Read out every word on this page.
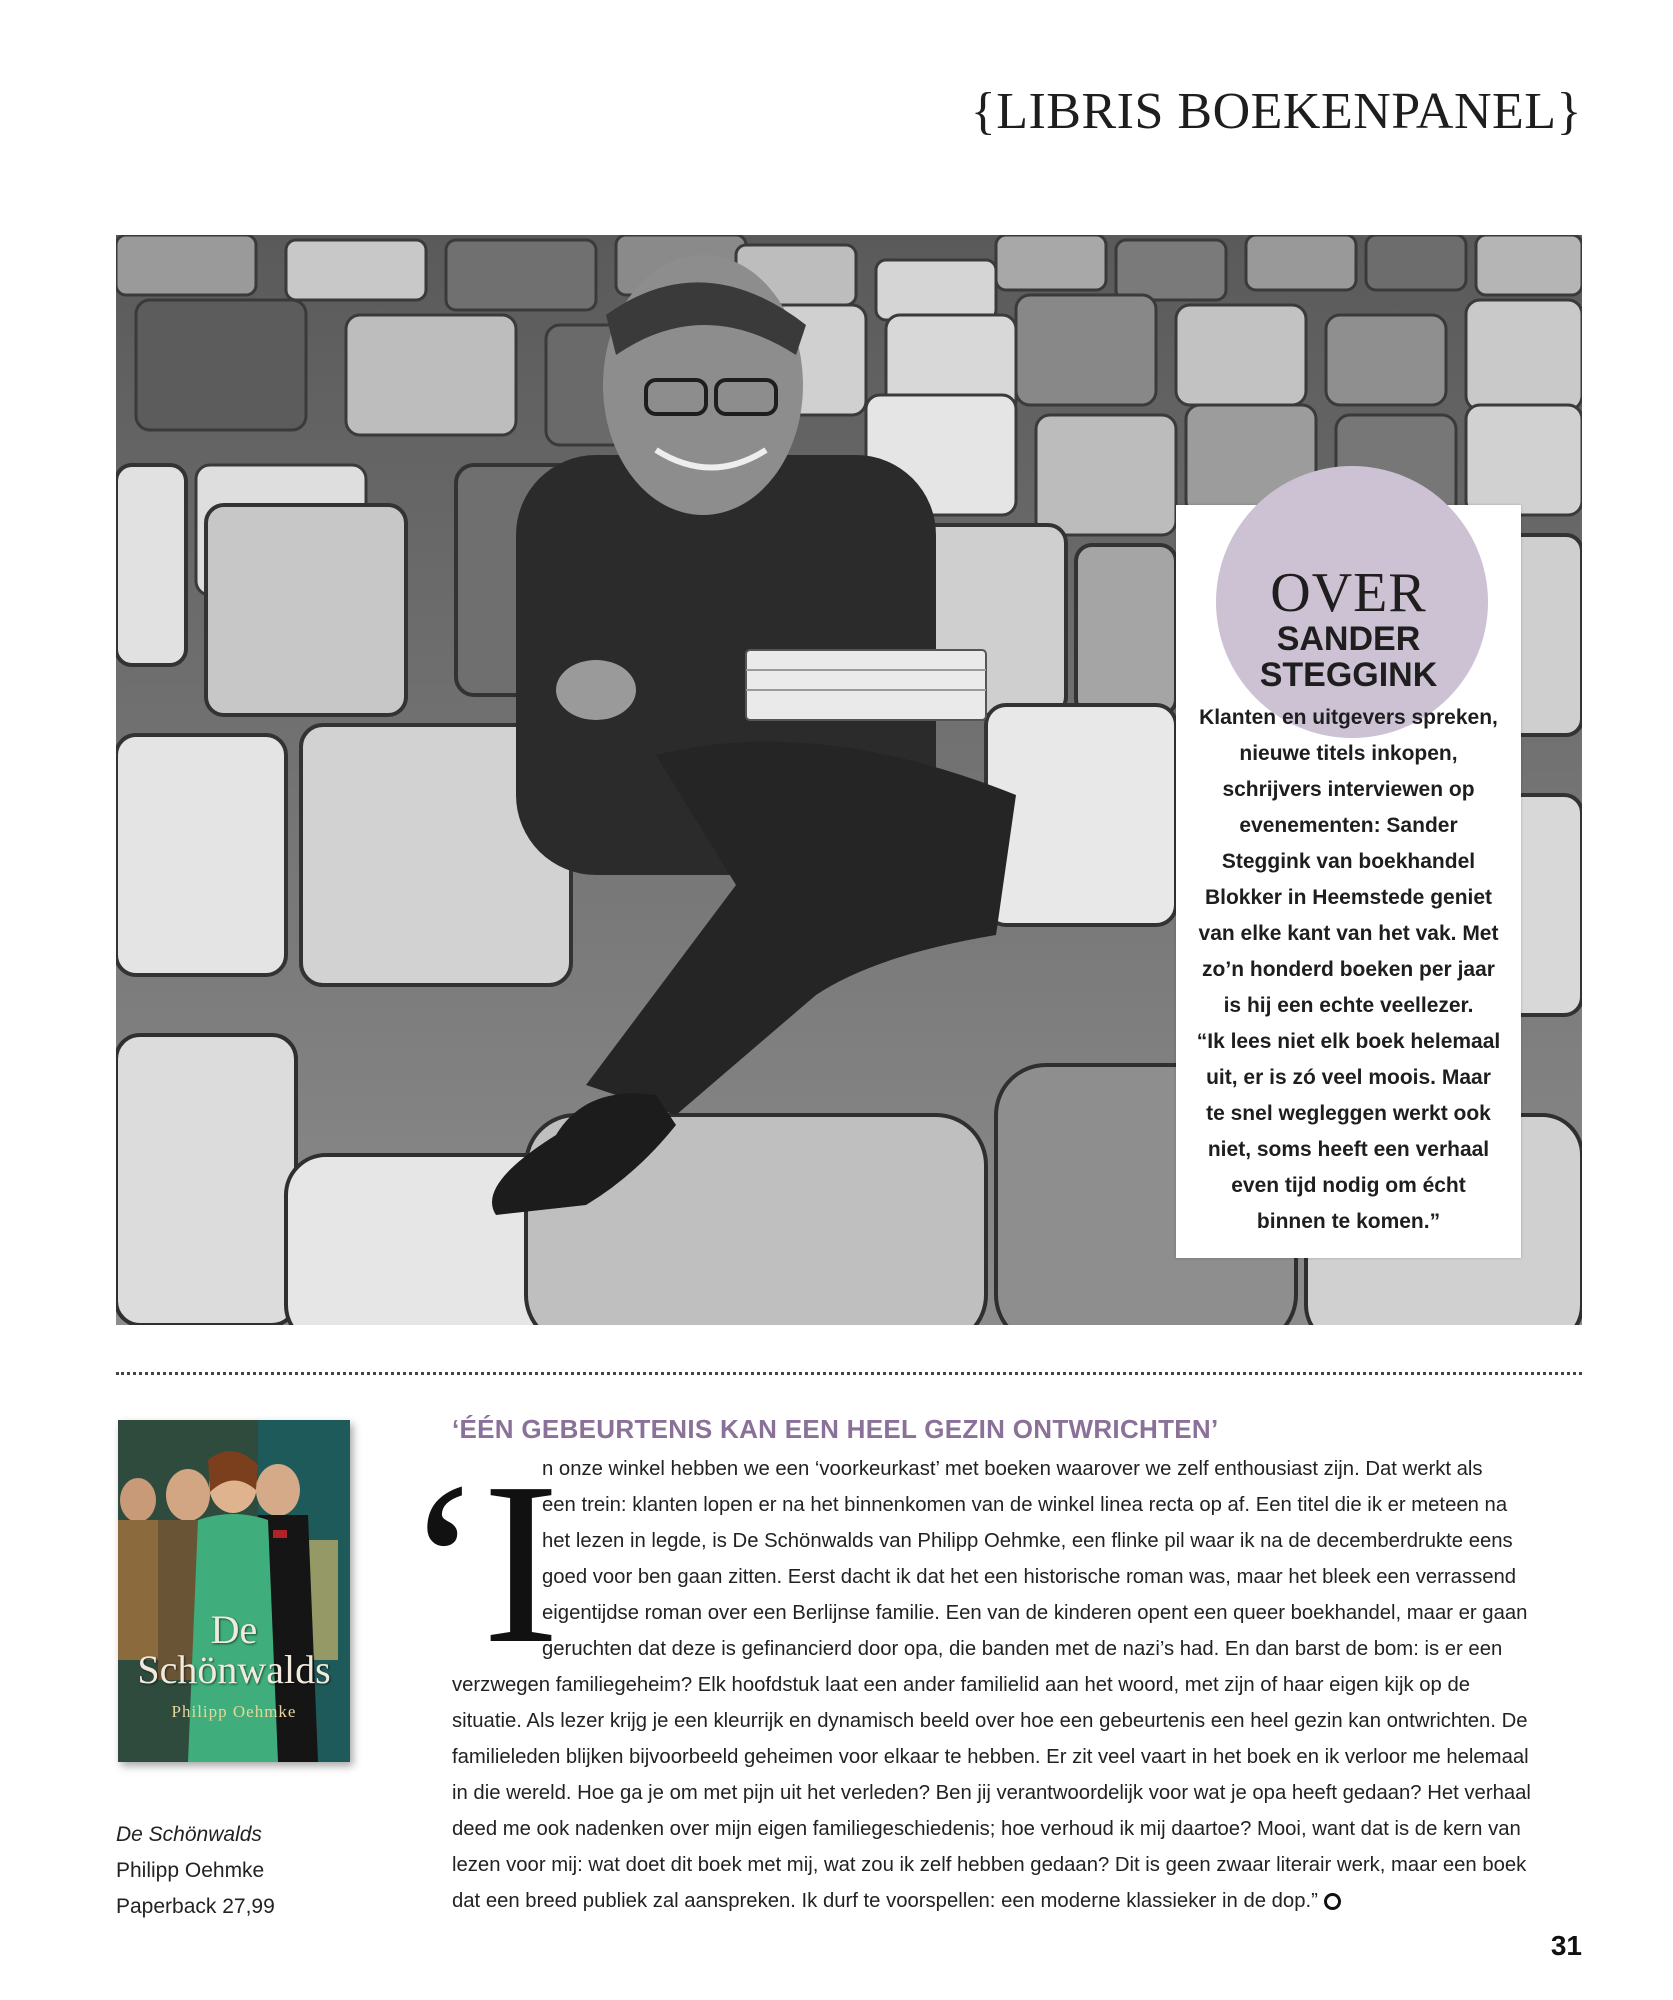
{LIBRIS BOEKENPANEL}
OVER
SANDER
STEGGINK
Klanten en uitgevers spreken,
nieuwe titels inkopen,
schrijvers interviewen op
evenementen: Sander
Steggink van boekhandel
Blokker in Heemstede geniet
van elke kant van het vak. Met
zo’n honderd boeken per jaar
is hij een echte veellezer.
“Ik lees niet elk boek helemaal
uit, er is zó veel moois. Maar
te snel wegleggen werkt ook
niet, soms heeft een verhaal
even tijd nodig om écht
binnen te komen.”
De
Schönwalds
Philipp Oehmke
De Schönwalds
Philipp Oehmke
Paperback 27,99
‘ÉÉN GEBEURTENIS KAN EEN HEEL GEZIN ONTWRICHTEN’
‘I
n onze winkel hebben we een ‘voorkeurkast’ met boeken waarover we zelf enthousiast zijn. Dat werkt als
een trein: klanten lopen er na het binnenkomen van de winkel linea recta op af. Een titel die ik er meteen na
het lezen in legde, is De Schönwalds van Philipp Oehmke, een flinke pil waar ik na de decemberdrukte eens
goed voor ben gaan zitten. Eerst dacht ik dat het een historische roman was, maar het bleek een verrassend
eigentijdse roman over een Berlijnse familie. Een van de kinderen opent een queer boekhandel, maar er gaan
geruchten dat deze is gefinancierd door opa, die banden met de nazi’s had. En dan barst de bom: is er een
verzwegen familiegeheim? Elk hoofdstuk laat een ander familielid aan het woord, met zijn of haar eigen kijk op de
situatie. Als lezer krijg je een kleurrijk en dynamisch beeld over hoe een gebeurtenis een heel gezin kan ontwrichten. De
familieleden blijken bijvoorbeeld geheimen voor elkaar te hebben. Er zit veel vaart in het boek en ik verloor me helemaal
in die wereld. Hoe ga je om met pijn uit het verleden? Ben jij verantwoordelijk voor wat je opa heeft gedaan? Het verhaal
deed me ook nadenken over mijn eigen familiegeschiedenis; hoe verhoud ik mij daartoe? Mooi, want dat is de kern van
lezen voor mij: wat doet dit boek met mij, wat zou ik zelf hebben gedaan? Dit is geen zwaar literair werk, maar een boek
dat een breed publiek zal aanspreken. Ik durf te voorspellen: een moderne klassieker in de dop.”
31
